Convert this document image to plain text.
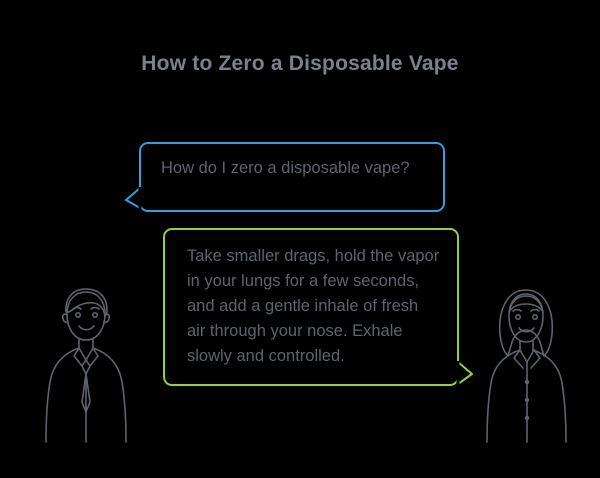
How to Zero a Disposable Vape
How do I zero a disposable vape?
Take smaller drags, hold the vapor in your lungs for a few seconds, and add a gentle inhale of fresh air through your nose. Exhale slowly and controlled.
